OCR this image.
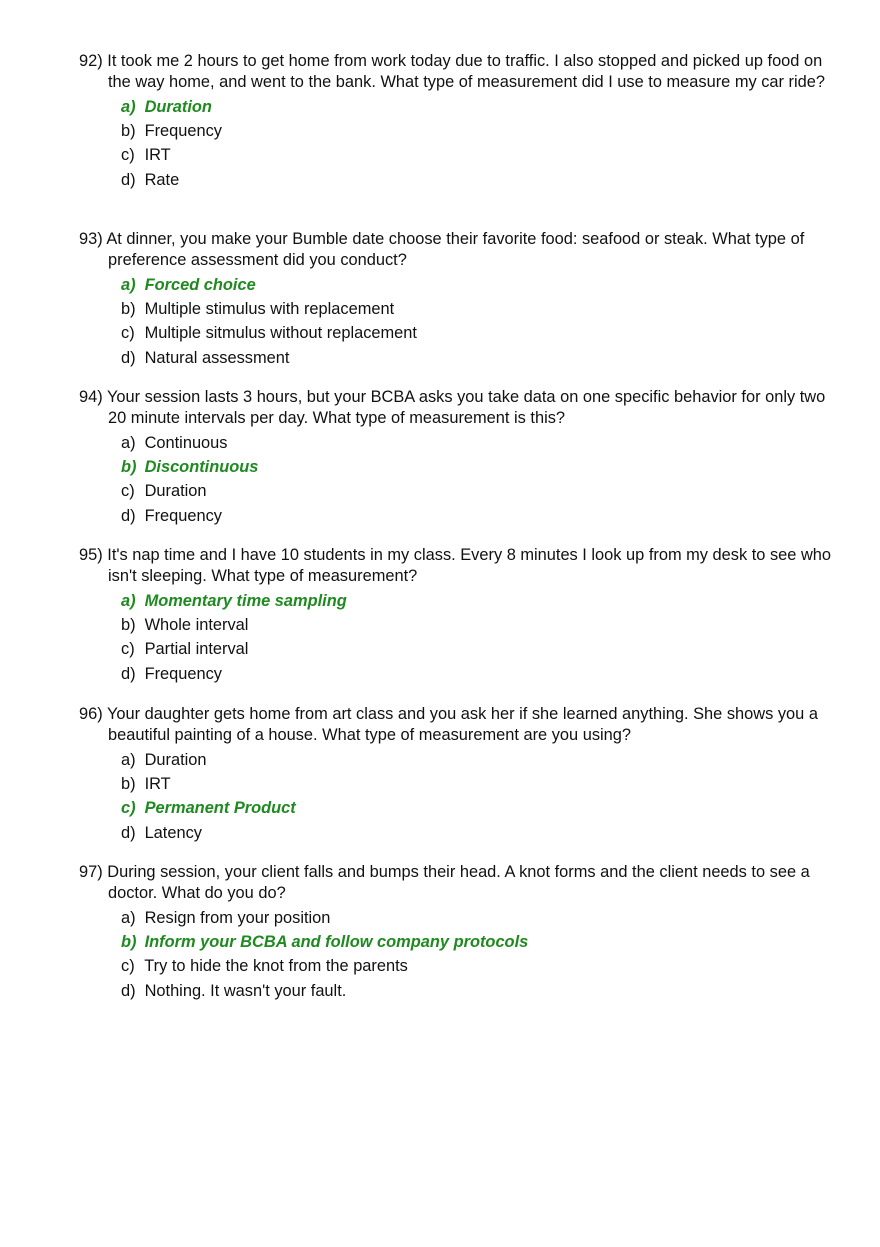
92) It took me 2 hours to get home from work today due to traffic. I also stopped and picked up food on the way home, and went to the bank. What type of measurement did I use to measure my car ride?

a) Duration
b) Frequency
c) IRT
d) Rate

93) At dinner, you make your Bumble date choose their favorite food: seafood or steak. What type of preference assessment did you conduct?

a) Forced choice
b) Multiple stimulus with replacement
c) Multiple sitmulus without replacement
d) Natural assessment

94) Your session lasts 3 hours, but your BCBA asks you take data on one specific behavior for only two 20 minute intervals per day. What type of measurement is this?

a) Continuous
b) Discontinuous
c) Duration
d) Frequency

95) It's nap time and I have 10 students in my class. Every 8 minutes I look up from my desk to see who isn't sleeping. What type of measurement?

a) Momentary time sampling
b) Whole interval
c) Partial interval
d) Frequency

96) Your daughter gets home from art class and you ask her if she learned anything. She shows you a beautiful painting of a house. What type of measurement are you using?

a) Duration
b) IRT
c) Permanent Product
d) Latency

97) During session, your client falls and bumps their head. A knot forms and the client needs to see a doctor. What do you do?

a) Resign from your position
b) Inform your BCBA and follow company protocols
c) Try to hide the knot from the parents
d) Nothing. It wasn't your fault.
